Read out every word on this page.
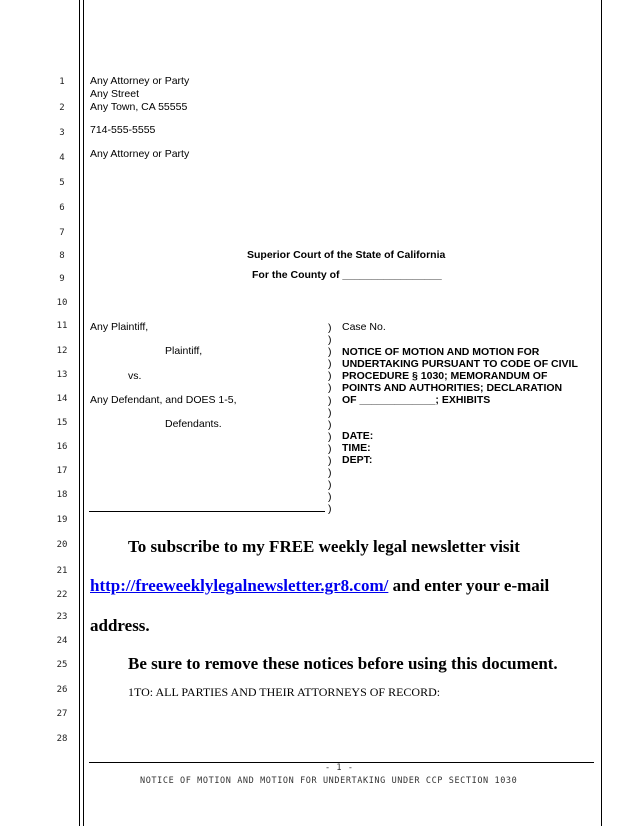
1
2
3
4
5
6
7
8
9
10
11
12
13
14
15
16
17
18
19
20
21
22
23
24
25
26
27
28
Any Attorney or Party
Any Street
Any Town, CA 55555
714-555-5555
Any Attorney or Party
Superior Court of the State of California
For the County of _________________
Any Plaintiff,
Plaintiff,
vs.
Any Defendant, and DOES 1-5,
Defendants.
)
)
)
)
)
)
)
)
)
)
)
)
)
)
)
)
Case No.
NOTICE OF MOTION AND MOTION FOR
UNDERTAKING PURSUANT TO CODE OF CIVIL
PROCEDURE § 1030; MEMORANDUM OF
POINTS AND AUTHORITIES; DECLARATION
OF _____________; EXHIBITS
DATE:
TIME:
DEPT:
To subscribe to my FREE weekly legal newsletter visit
http://freeweeklylegalnewsletter.gr8.com/ and enter your e-mail
address.
Be sure to remove these notices before using this document.
1TO: ALL PARTIES AND THEIR ATTORNEYS OF RECORD:
- 1 -
NOTICE OF MOTION AND MOTION FOR UNDERTAKING UNDER CCP SECTION 1030
